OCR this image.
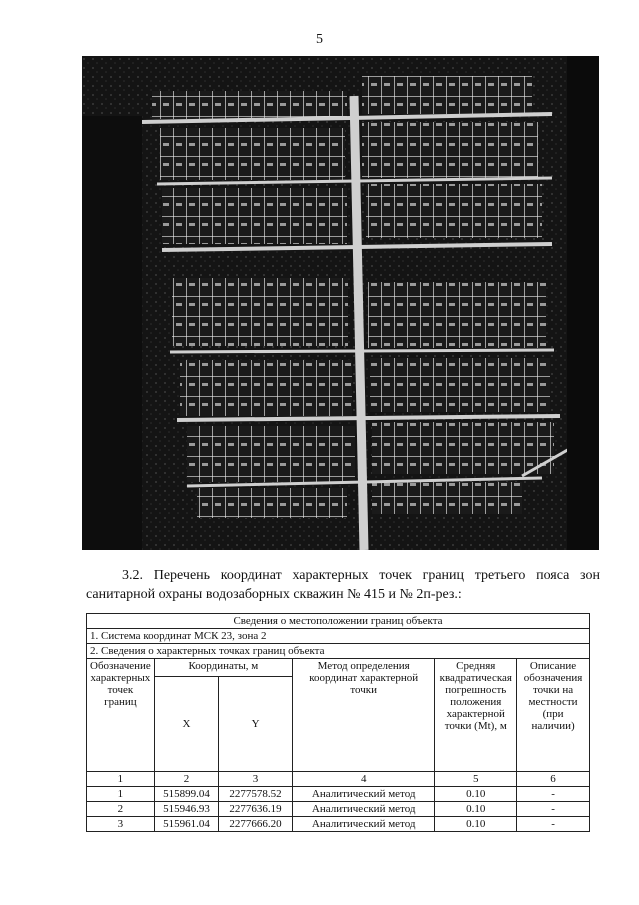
5
3.2. Перечень координат характерных точек границ третьего пояса зон санитарной охраны водозаборных скважин № 415 и № 2п-рез.:
Сведения о местоположении границ объекта					
1. Система координат МСК 23, зона 2					
2. Сведения о характерных точках границ объекта					
Обозначение характерных точек границ	Координаты, м		Метод определения координат характерной точки	Средняя квадратическая погрешность положения характерной точки (Mt), м	Описание обозначения точки на местности (при наличии)
	X	Y			
1	2	3	4	5	6
1	515899.04	2277578.52	Аналитический метод	0.10	-
2	515946.93	2277636.19	Аналитический метод	0.10	-
3	515961.04	2277666.20	Аналитический метод	0.10	-
